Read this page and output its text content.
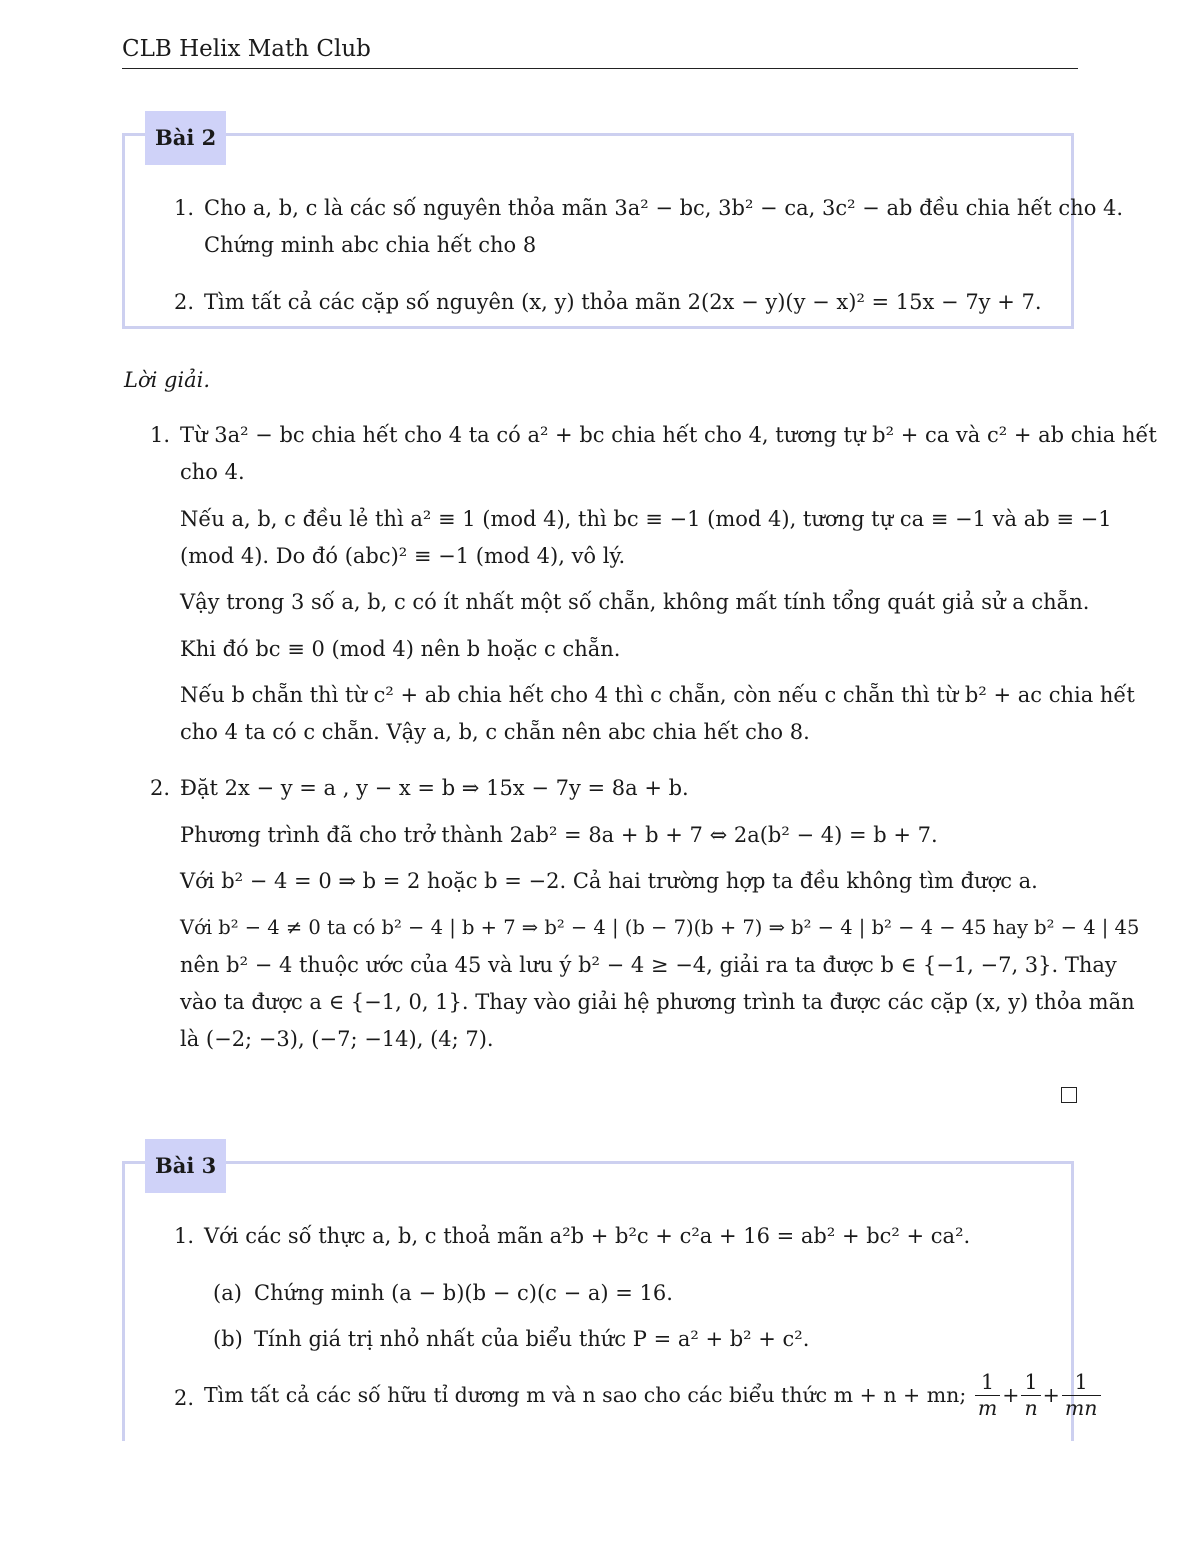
CLB Helix Math Club
Bài 2
1. Cho a, b, c là các số nguyên thỏa mãn 3a² − bc, 3b² − ca, 3c² − ab đều chia hết cho 4.
Chứng minh abc chia hết cho 8
2. Tìm tất cả các cặp số nguyên (x, y) thỏa mãn 2(2x − y)(y − x)² = 15x − 7y + 7.
Lời giải.
1. Từ 3a² − bc chia hết cho 4 ta có a² + bc chia hết cho 4, tương tự b² + ca và c² + ab chia hết
cho 4.
Nếu a, b, c đều lẻ thì a² ≡ 1 (mod 4), thì bc ≡ −1 (mod 4), tương tự ca ≡ −1 và ab ≡ −1
(mod 4). Do đó (abc)² ≡ −1 (mod 4), vô lý.
Vậy trong 3 số a, b, c có ít nhất một số chẵn, không mất tính tổng quát giả sử a chẵn.
Khi đó bc ≡ 0 (mod 4) nên b hoặc c chẵn.
Nếu b chẵn thì từ c² + ab chia hết cho 4 thì c chẵn, còn nếu c chẵn thì từ b² + ac chia hết
cho 4 ta có c chẵn. Vậy a, b, c chẵn nên abc chia hết cho 8.
2. Đặt 2x − y = a , y − x = b ⇒ 15x − 7y = 8a + b.
Phương trình đã cho trở thành 2ab² = 8a + b + 7 ⇔ 2a(b² − 4) = b + 7.
Với b² − 4 = 0 ⇒ b = 2 hoặc b = −2. Cả hai trường hợp ta đều không tìm được a.
Với b² − 4 ≠ 0 ta có b² − 4 | b + 7 ⇒ b² − 4 | (b − 7)(b + 7) ⇒ b² − 4 | b² − 4 − 45 hay b² − 4 | 45
nên b² − 4 thuộc ước của 45 và lưu ý b² − 4 ≥ −4, giải ra ta được b ∈ {−1, −7, 3}. Thay
vào ta được a ∈ {−1, 0, 1}. Thay vào giải hệ phương trình ta được các cặp (x, y) thỏa mãn
là (−2; −3), (−7; −14), (4; 7).
Bài 3
1. Với các số thực a, b, c thoả mãn a²b + b²c + c²a + 16 = ab² + bc² + ca².
(a) Chứng minh (a − b)(b − c)(c − a) = 16.
(b) Tính giá trị nhỏ nhất của biểu thức P = a² + b² + c².
2. Tìm tất cả các số hữu tỉ dương m và n sao cho các biểu thức m + n + mn; $\frac{1}{m} + \frac{1}{n} + \frac{1}{mn}$
